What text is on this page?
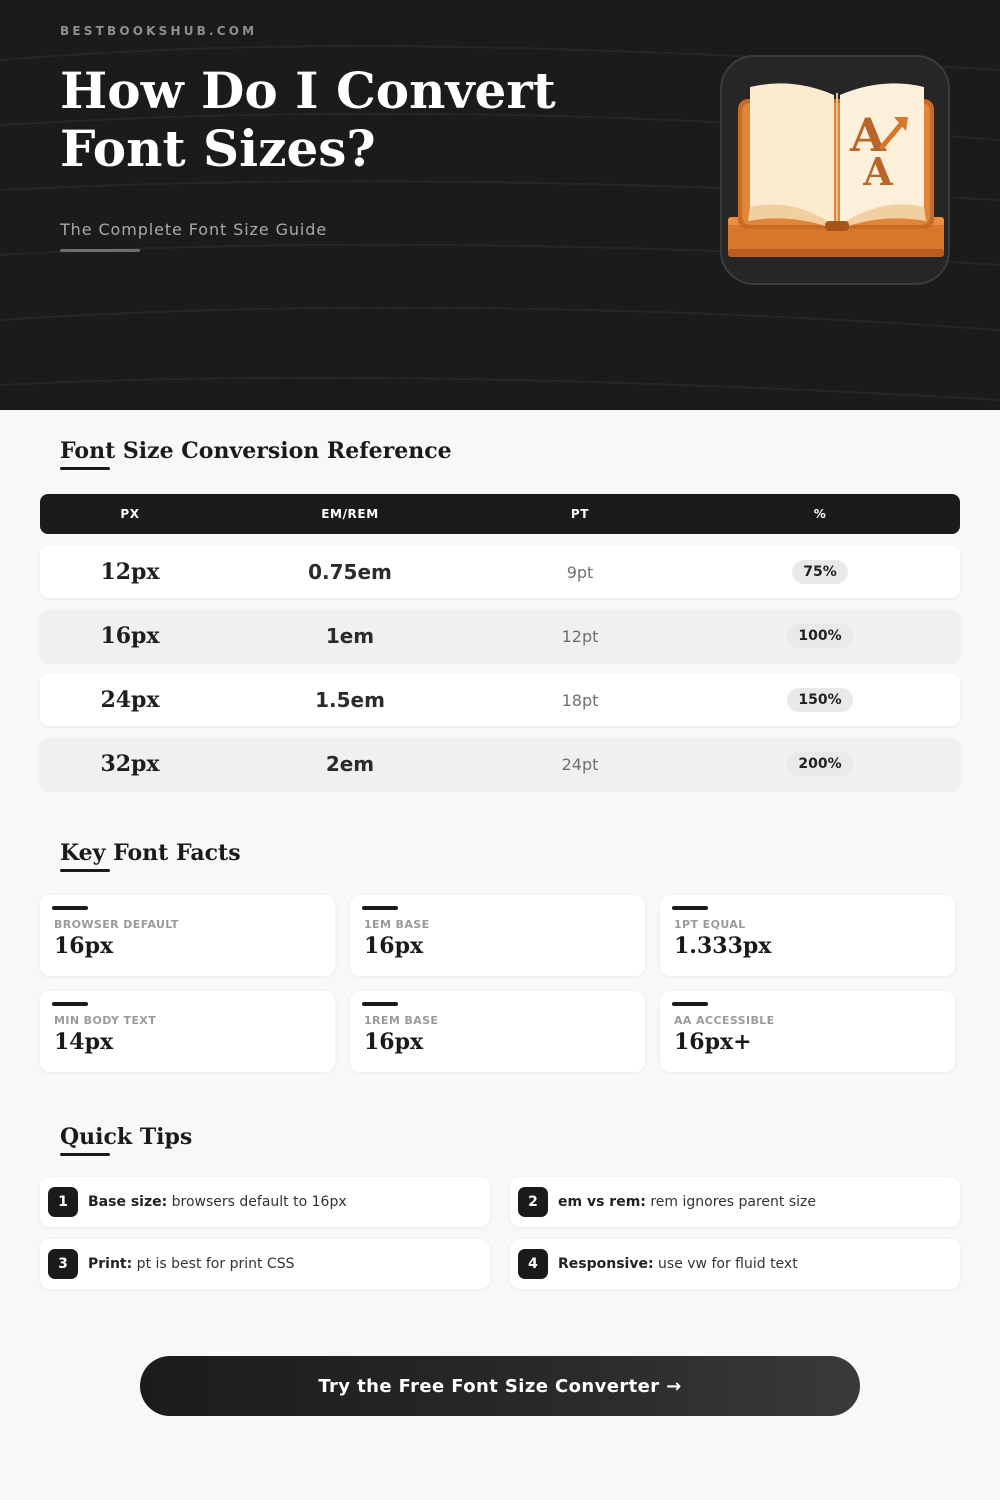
BESTBOOKSHUB.COM
How Do I Convert Font Sizes?
The Complete Font Size Guide
A
A
Font Size Conversion Reference
PX	EM/REM	PT	%
12px	0.75em	9pt	75%
16px	1em	12pt	100%
24px	1.5em	18pt	150%
32px	2em	24pt	200%
Key Font Facts
BROWSER DEFAULT
16px
1EM BASE
16px
1PT EQUAL
1.333px
MIN BODY TEXT
14px
1REM BASE
16px
AA ACCESSIBLE
16px+
Quick Tips
1	Base size: browsers default to 16px	2	em vs rem: rem ignores parent size
3	Print: pt is best for print CSS	4	Responsive: use vw for fluid text
Try the Free Font Size Converter →
